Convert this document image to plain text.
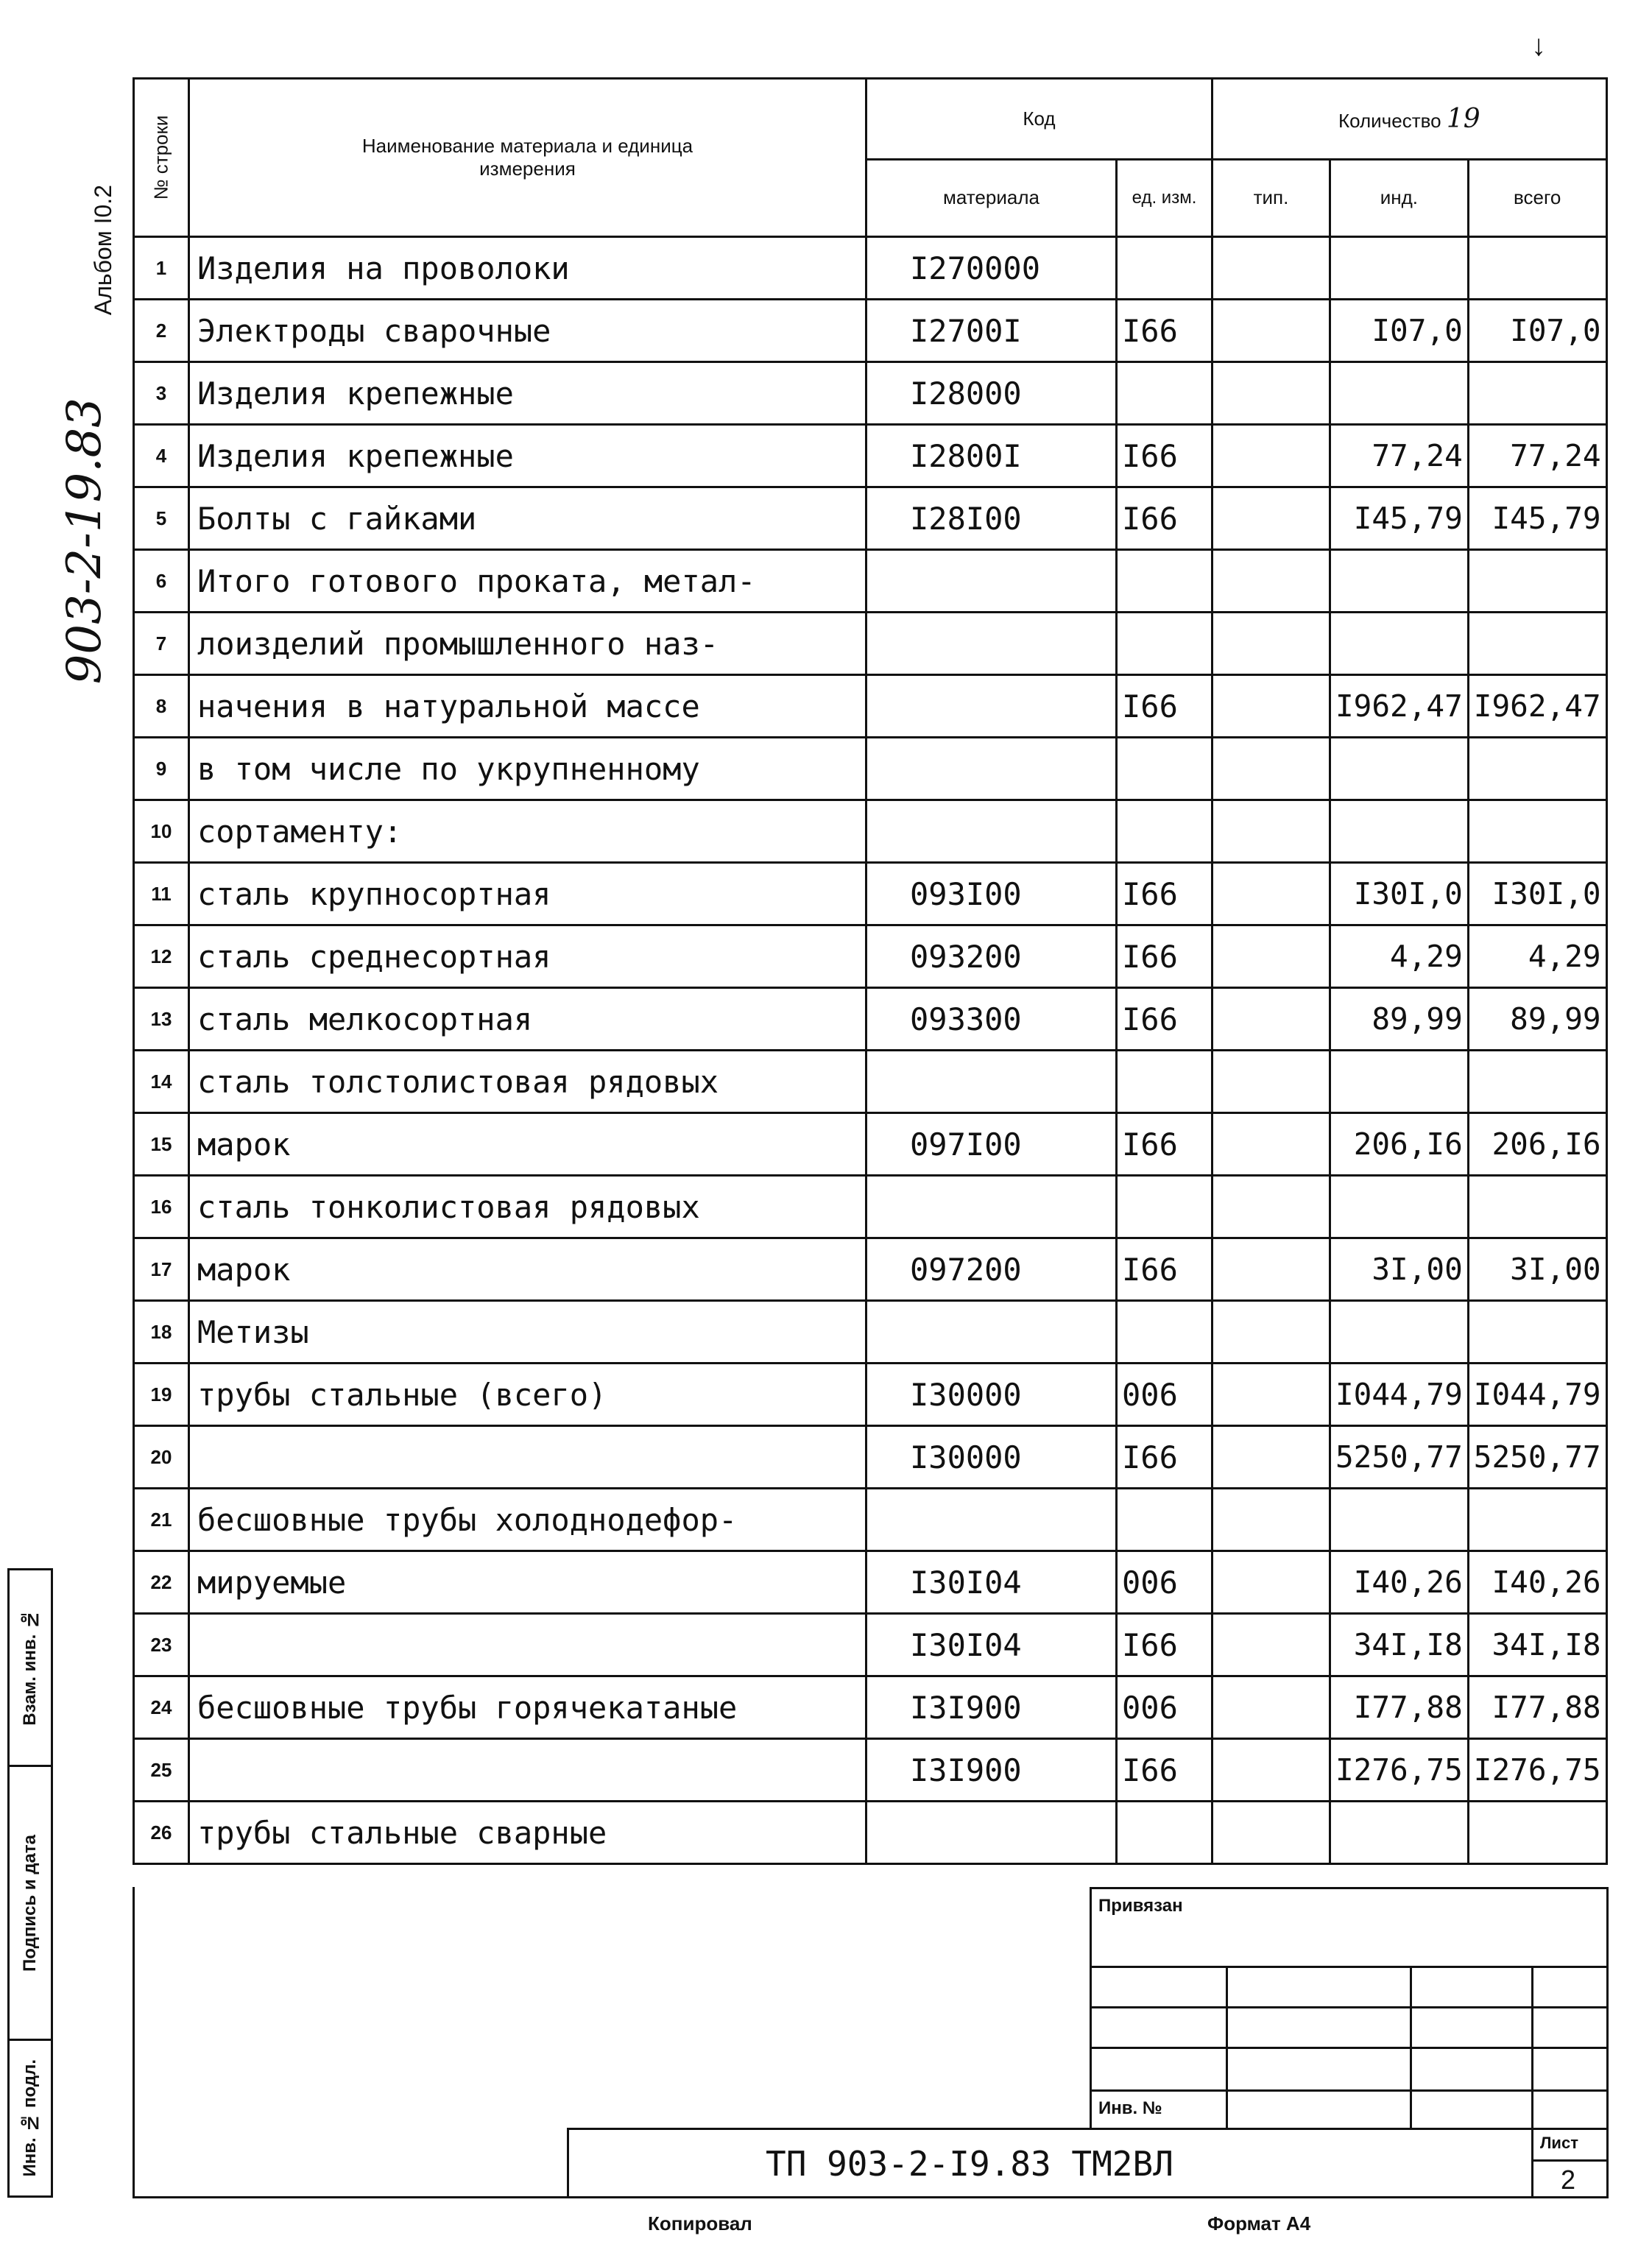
↓
Альбом I0.2
903-2-19.83
Взам. инв. №
Подпись и дата
Инв. № подл.
№ строки	Наименование материала и единица измерения	Код		Количество 19		
		материала	ед. изм.	тип.	инд.	всего
1	Изделия на проволоки	I270000				
2	Электроды сварочные	I2700I	I66		I07,0	I07,0
3	Изделия крепежные	I28000				
4	Изделия крепежные	I2800I	I66		77,24	77,24
5	Болты с гайками	I28I00	I66		I45,79	I45,79
6	Итого готового проката, метал-					
7	лоизделий промышленного наз-					
8	начения в натуральной массе		I66		I962,47	I962,47
9	в том числе по укрупненному					
10	сортаменту:					
11	сталь крупносортная	093I00	I66		I30I,0	I30I,0
12	сталь среднесортная	093200	I66		4,29	4,29
13	сталь мелкосортная	093300	I66		89,99	89,99
14	сталь толстолистовая рядовых					
15	марок	097I00	I66		206,I6	206,I6
16	сталь тонколистовая рядовых					
17	марок	097200	I66		3I,00	3I,00
18	Метизы					
19	трубы стальные (всего)	I30000	006		I044,79	I044,79
20		I30000	I66		5250,77	5250,77
21	бесшовные трубы холоднодефор-					
22	мируемые	I30I04	006		I40,26	I40,26
23		I30I04	I66		34I,I8	34I,I8
24	бесшовные трубы горячекатаные	I3I900	006		I77,88	I77,88
25		I3I900	I66		I276,75	I276,75
26	трубы стальные сварные					
Привязан
Инв. №
ТП 903-2-I9.83 ТМ2ВЛ
Лист
2
Копировал	Формат А4
